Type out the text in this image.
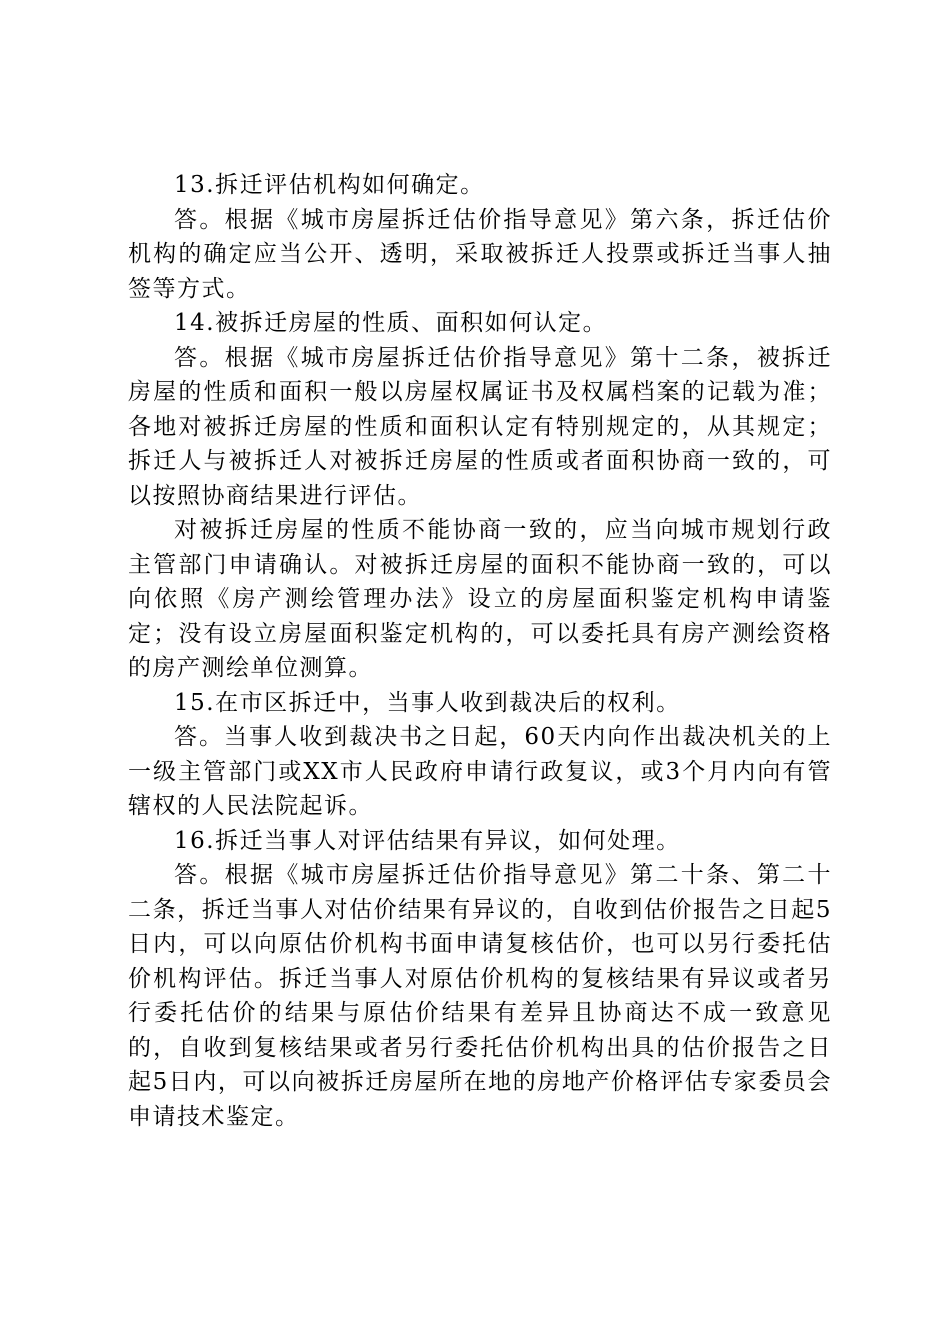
13.拆迁评估机构如何确定。

答。根据《城市房屋拆迁估价指导意见》第六条，拆迁估价机构的确定应当公开、透明，采取被拆迁人投票或拆迁当事人抽签等方式。

14.被拆迁房屋的性质、面积如何认定。

答。根据《城市房屋拆迁估价指导意见》第十二条，被拆迁房屋的性质和面积一般以房屋权属证书及权属档案的记载为准；各地对被拆迁房屋的性质和面积认定有特别规定的，从其规定；拆迁人与被拆迁人对被拆迁房屋的性质或者面积协商一致的，可以按照协商结果进行评估。

对被拆迁房屋的性质不能协商一致的，应当向城市规划行政主管部门申请确认。对被拆迁房屋的面积不能协商一致的，可以向依照《房产测绘管理办法》设立的房屋面积鉴定机构申请鉴定；没有设立房屋面积鉴定机构的，可以委托具有房产测绘资格的房产测绘单位测算。

15.在市区拆迁中，当事人收到裁决后的权利。

答。当事人收到裁决书之日起，60天内向作出裁决机关的上一级主管部门或XX市人民政府申请行政复议，或3个月内向有管辖权的人民法院起诉。

16.拆迁当事人对评估结果有异议，如何处理。

答。根据《城市房屋拆迁估价指导意见》第二十条、第二十二条，拆迁当事人对估价结果有异议的，自收到估价报告之日起5日内，可以向原估价机构书面申请复核估价，也可以另行委托估价机构评估。拆迁当事人对原估价机构的复核结果有异议或者另行委托估价的结果与原估价结果有差异且协商达不成一致意见的，自收到复核结果或者另行委托估价机构出具的估价报告之日起5日内，可以向被拆迁房屋所在地的房地产价格评估专家委员会申请技术鉴定。
